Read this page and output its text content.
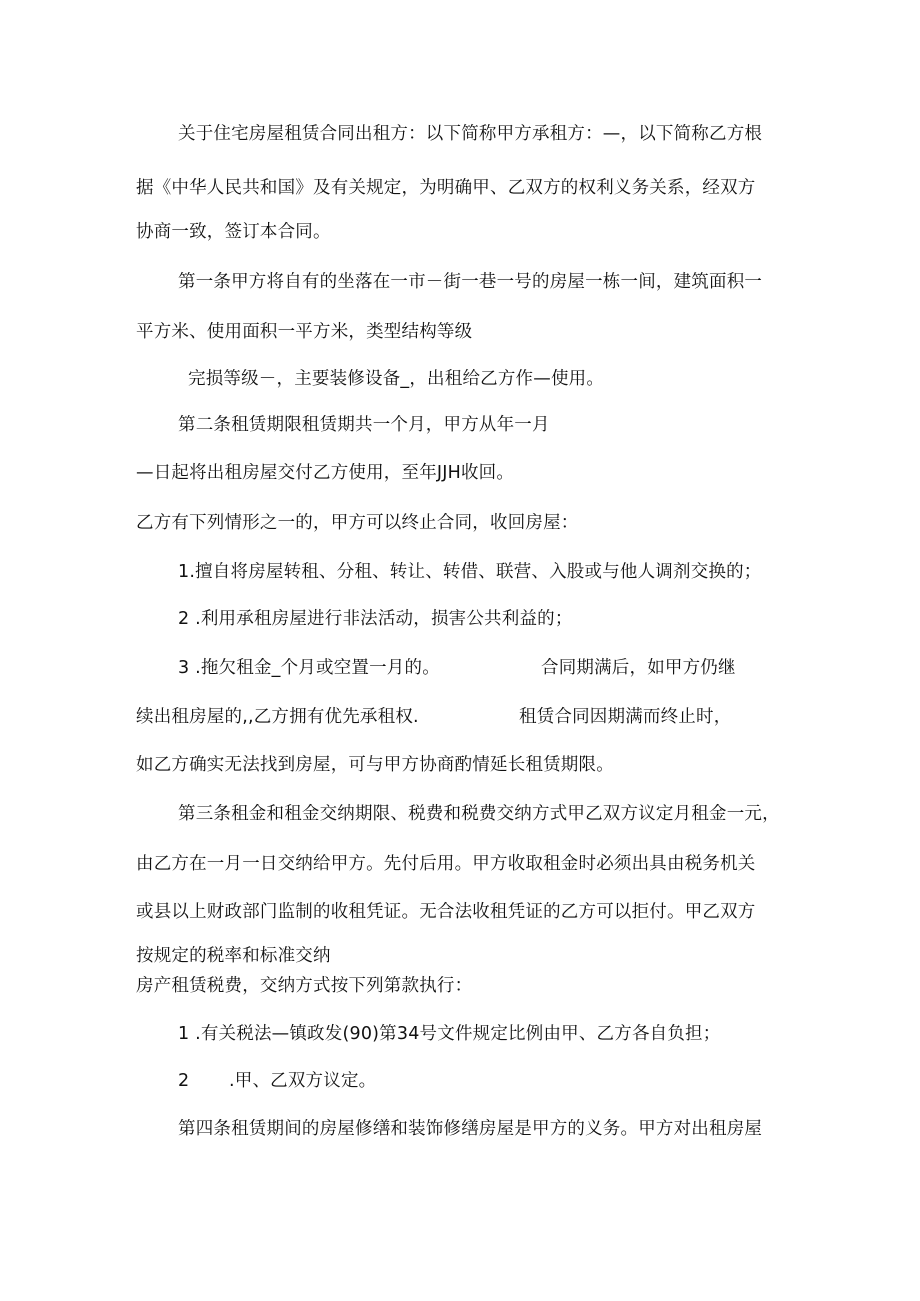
关于住宅房屋租赁合同出租方：以下简称甲方承租方：—，以下简称乙方根
据《中华人民共和国》及有关规定，为明确甲、乙双方的权利义务关系，经双方
协商一致，签订本合同。
第一条甲方将自有的坐落在一市－街一巷一号的房屋一栋一间，建筑面积一
平方米、使用面积一平方米，类型结构等级
完损等级－，主要装修设备_，出租给乙方作—使用。
第二条租赁期限租赁期共一个月，甲方从年一月
—日起将出租房屋交付乙方使用，至年JJH收回。
乙方有下列情形之一的，甲方可以终止合同，收回房屋：
1.擅自将房屋转租、分租、转让、转借、联营、入股或与他人调剂交换的；
2 .利用承租房屋进行非法活动，损害公共利益的；
3 .拖欠租金_个月或空置一月的。	合同期满后，如甲方仍继
续出租房屋的,,乙方拥有优先承租权.	租赁合同因期满而终止时，
如乙方确实无法找到房屋，可与甲方协商酌情延长租赁期限。
第三条租金和租金交纳期限、税费和税费交纳方式甲乙双方议定月租金一元，
由乙方在一月一日交纳给甲方。先付后用。甲方收取租金时必须出具由税务机关
或县以上财政部门监制的收租凭证。无合法收租凭证的乙方可以拒付。甲乙双方
按规定的税率和标准交纳
房产租赁税费，交纳方式按下列第款执行：
1 .有关税法—镇政发(90)第34号文件规定比例由甲、乙方各自负担；
2 .甲、乙双方议定。
第四条租赁期间的房屋修缮和装饰修缮房屋是甲方的义务。甲方对出租房屋
